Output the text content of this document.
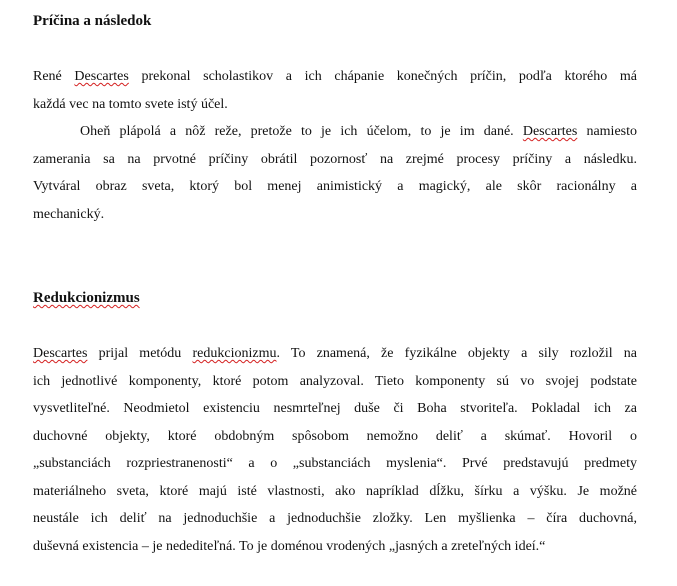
Príčina a následok
René Descartes prekonal scholastikov a ich chápanie konečných príčin, podľa ktorého má
každá vec na tomto svete istý účel.
Oheň plápolá a nôž reže, pretože to je ich účelom, to je im dané. Descartes namiesto
zamerania sa na prvotné príčiny obrátil pozornosť na zrejmé procesy príčiny a následku.
Vytváral obraz sveta, ktorý bol menej animistický a magický, ale skôr racionálny a
mechanický.
Redukcionizmus
Descartes prijal metódu redukcionizmu. To znamená, že fyzikálne objekty a sily rozložil na
ich jednotlivé komponenty, ktoré potom analyzoval. Tieto komponenty sú vo svojej podstate
vysvetliteľné. Neodmietol existenciu nesmrteľnej duše či Boha stvoriteľa. Pokladal ich za
duchovné objekty, ktoré obdobným spôsobom nemožno deliť a skúmať. Hovoril o
„substanciách rozpriestranenosti“ a o „substanciách myslenia“. Prvé predstavujú predmety
materiálneho sveta, ktoré majú isté vlastnosti, ako napríklad dĺžku, šírku a výšku. Je možné
neustále ich deliť na jednoduchšie a jednoduchšie zložky. Len myšlienka – číra duchovná,
duševná existencia – je nedediteľná. To je doménou vrodených „jasných a zreteľných ideí.“
